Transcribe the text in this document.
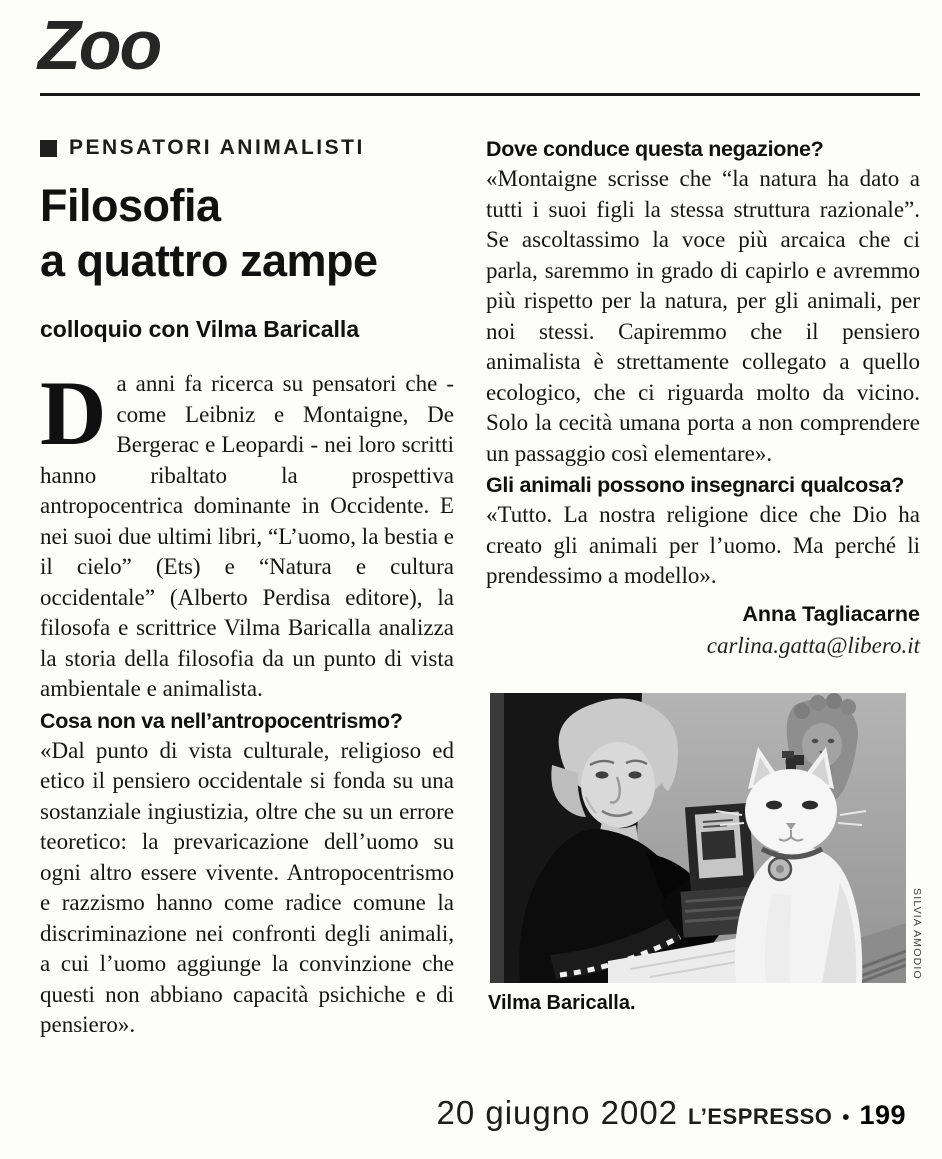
Zoo
PENSATORI ANIMALISTI
Filosofia
a quattro zampe
colloquio con Vilma Baricalla

Da anni fa ricerca su pensatori che - come Leibniz e Montaigne, De Bergerac e Leopardi - nei loro scritti hanno ribaltato la prospettiva antropocentrica dominante in Occidente. E nei suoi due ultimi libri, “L’uomo, la bestia e il cielo” (Ets) e “Natura e cultura occidentale” (Alberto Perdisa editore), la filosofa e scrittrice Vilma Baricalla analizza la storia della filosofia da un punto di vista ambientale e animalista.

Cosa non va nell’antropocentrismo?

«Dal punto di vista culturale, religioso ed etico il pensiero occidentale si fonda su una sostanziale ingiustizia, oltre che su un errore teoretico: la prevaricazione dell’uomo su ogni altro essere vivente. Antropocentrismo e razzismo hanno come radice comune la discriminazione nei confronti degli animali, a cui l’uomo aggiunge la convinzione che questi non abbiano capacità psichiche e di pensiero».

Dove conduce questa negazione?

«Montaigne scrisse che “la natura ha dato a tutti i suoi figli la stessa struttura razionale”. Se ascoltassimo la voce più arcaica che ci parla, saremmo in grado di capirlo e avremmo più rispetto per la natura, per gli animali, per noi stessi. Capiremmo che il pensiero animalista è strettamente collegato a quello ecologico, che ci riguarda molto da vicino. Solo la cecità umana porta a non comprendere un passaggio così elementare».

Gli animali possono insegnarci qualcosa?

«Tutto. La nostra religione dice che Dio ha creato gli animali per l’uomo. Ma perché li prendessimo a modello».

Anna Tagliacarne
carlina.gatta@libero.it
SILVIA AMODIO
Vilma Baricalla.
20 giugno 2002 L’ESPRESSO • 199
